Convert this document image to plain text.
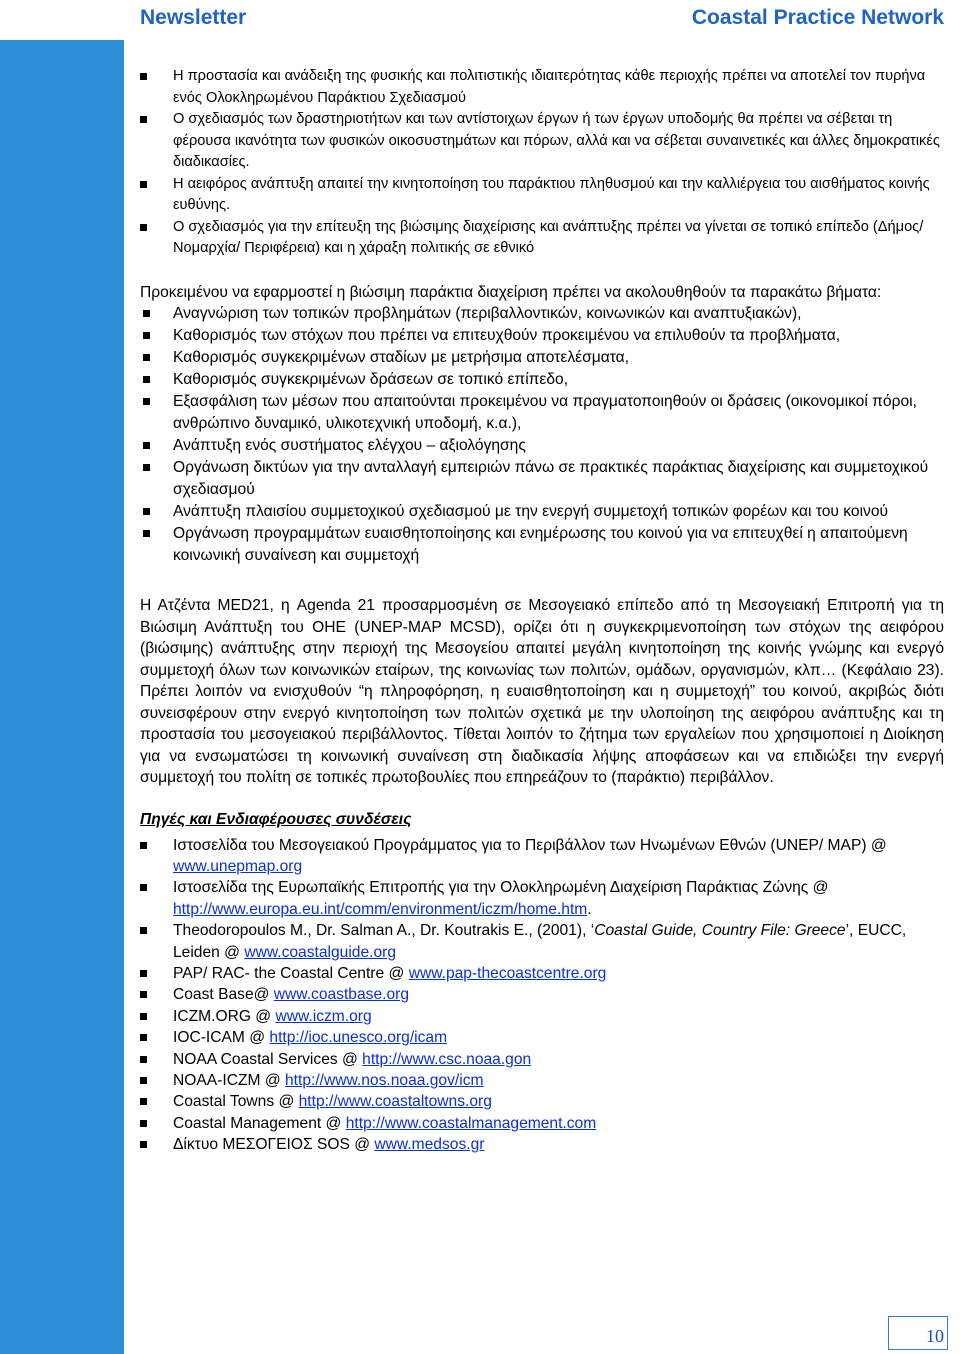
Newsletter	Coastal Practice Network
Η προστασία και ανάδειξη της φυσικής και πολιτιστικής ιδιαιτερότητας κάθε περιοχής πρέπει να αποτελεί τον πυρήνα ενός Ολοκληρωμένου Παράκτιου Σχεδιασμού
Ο σχεδιασμός των δραστηριοτήτων και των αντίστοιχων έργων ή των έργων υποδομής θα πρέπει να σέβεται τη φέρουσα ικανότητα των φυσικών οικοσυστημάτων και πόρων, αλλά και να σέβεται συναινετικές και άλλες δημοκρατικές διαδικασίες.
Η αειφόρος ανάπτυξη απαιτεί την κινητοποίηση του παράκτιου πληθυσμού και την καλλιέργεια του αισθήματος κοινής ευθύνης.
Ο σχεδιασμός για την επίτευξη της βιώσιμης διαχείρισης και ανάπτυξης πρέπει να γίνεται σε τοπικό επίπεδο (Δήμος/ Νομαρχία/ Περιφέρεια) και η χάραξη πολιτικής σε εθνικό

Προκειμένου να εφαρμοστεί η βιώσιμη παράκτια διαχείριση πρέπει να ακολουθηθούν τα παρακάτω βήματα:

Αναγνώριση των τοπικών προβλημάτων (περιβαλλοντικών, κοινωνικών και αναπτυξιακών),
Καθορισμός των στόχων που πρέπει να επιτευχθούν προκειμένου να επιλυθούν τα προβλήματα,
Καθορισμός συγκεκριμένων σταδίων με μετρήσιμα αποτελέσματα,
Καθορισμός συγκεκριμένων δράσεων σε τοπικό επίπεδο,
Εξασφάλιση των μέσων που απαιτούνται προκειμένου να πραγματοποιηθούν οι δράσεις (οικονομικοί πόροι, ανθρώπινο δυναμικό, υλικοτεχνική υποδομή, κ.α.),
Ανάπτυξη ενός συστήματος ελέγχου – αξιολόγησης
Οργάνωση δικτύων για την ανταλλαγή εμπειριών πάνω σε πρακτικές παράκτιας διαχείρισης και συμμετοχικού σχεδιασμού
Ανάπτυξη πλαισίου συμμετοχικού σχεδιασμού με την ενεργή συμμετοχή τοπικών φορέων και του κοινού
Οργάνωση προγραμμάτων ευαισθητοποίησης και ενημέρωσης του κοινού για να επιτευχθεί η απαιτούμενη κοινωνική συναίνεση και συμμετοχή

Η Ατζέντα MED21, η Agenda 21 προσαρμοσμένη σε Μεσογειακό επίπεδο από τη Μεσογειακή Επιτροπή για τη Βιώσιμη Ανάπτυξη του ΟΗΕ (UNEP-MAP MCSD), ορίζει ότι η συγκεκριμενοποίηση των στόχων της αειφόρου (βιώσιμης) ανάπτυξης στην περιοχή της Μεσογείου απαιτεί μεγάλη κινητοποίηση της κοινής γνώμης και ενεργό συμμετοχή όλων των κοινωνικών εταίρων, της κοινωνίας των πολιτών, ομάδων, οργανισμών, κλπ… (Κεφάλαιο 23). Πρέπει λοιπόν να ενισχυθούν “η πληροφόρηση, η ευαισθητοποίηση και η συμμετοχή” του κοινού, ακριβώς διότι συνεισφέρουν στην ενεργό κινητοποίηση των πολιτών σχετικά με την υλοποίηση της αειφόρου ανάπτυξης και τη προστασία του μεσογειακού περιβάλλοντος. Τίθεται λοιπόν το ζήτημα των εργαλείων που χρησιμοποιεί η Διοίκηση για να ενσωματώσει τη κοινωνική συναίνεση στη διαδικασία λήψης αποφάσεων και να επιδιώξει την ενεργή συμμετοχή του πολίτη σε τοπικές πρωτοβουλίες που επηρεάζουν το (παράκτιο) περιβάλλον.

Πηγές και Ενδιαφέρουσες συνδέσεις
Ιστοσελίδα του Μεσογειακού Προγράμματος για το Περιβάλλον των Ηνωμένων Εθνών (UNEP/ MAP) @ www.unepmap.org
Ιστοσελίδα της Ευρωπαϊκής Επιτροπής για την Ολοκληρωμένη Διαχείριση Παράκτιας Ζώνης @ http://www.europa.eu.int/comm/environment/iczm/home.htm.
Theodoropoulos M., Dr. Salman A., Dr. Koutrakis E., (2001), ‘Coastal Guide, Country File: Greece’, EUCC, Leiden @ www.coastalguide.org
PAP/ RAC- the Coastal Centre @ www.pap-thecoastcentre.org
Coast Base@ www.coastbase.org
ICZM.ORG @ www.iczm.org
IOC-ICAM @ http://ioc.unesco.org/icam
NOAA Coastal Services @ http://www.csc.noaa.gon
NOAA-ICZM @ http://www.nos.noaa.gov/icm
Coastal Towns @ http://www.coastaltowns.org
Coastal Management @ http://www.coastalmanagement.com
Δίκτυο ΜΕΣΟΓΕΙΟΣ SOS @ www.medsos.gr
10
